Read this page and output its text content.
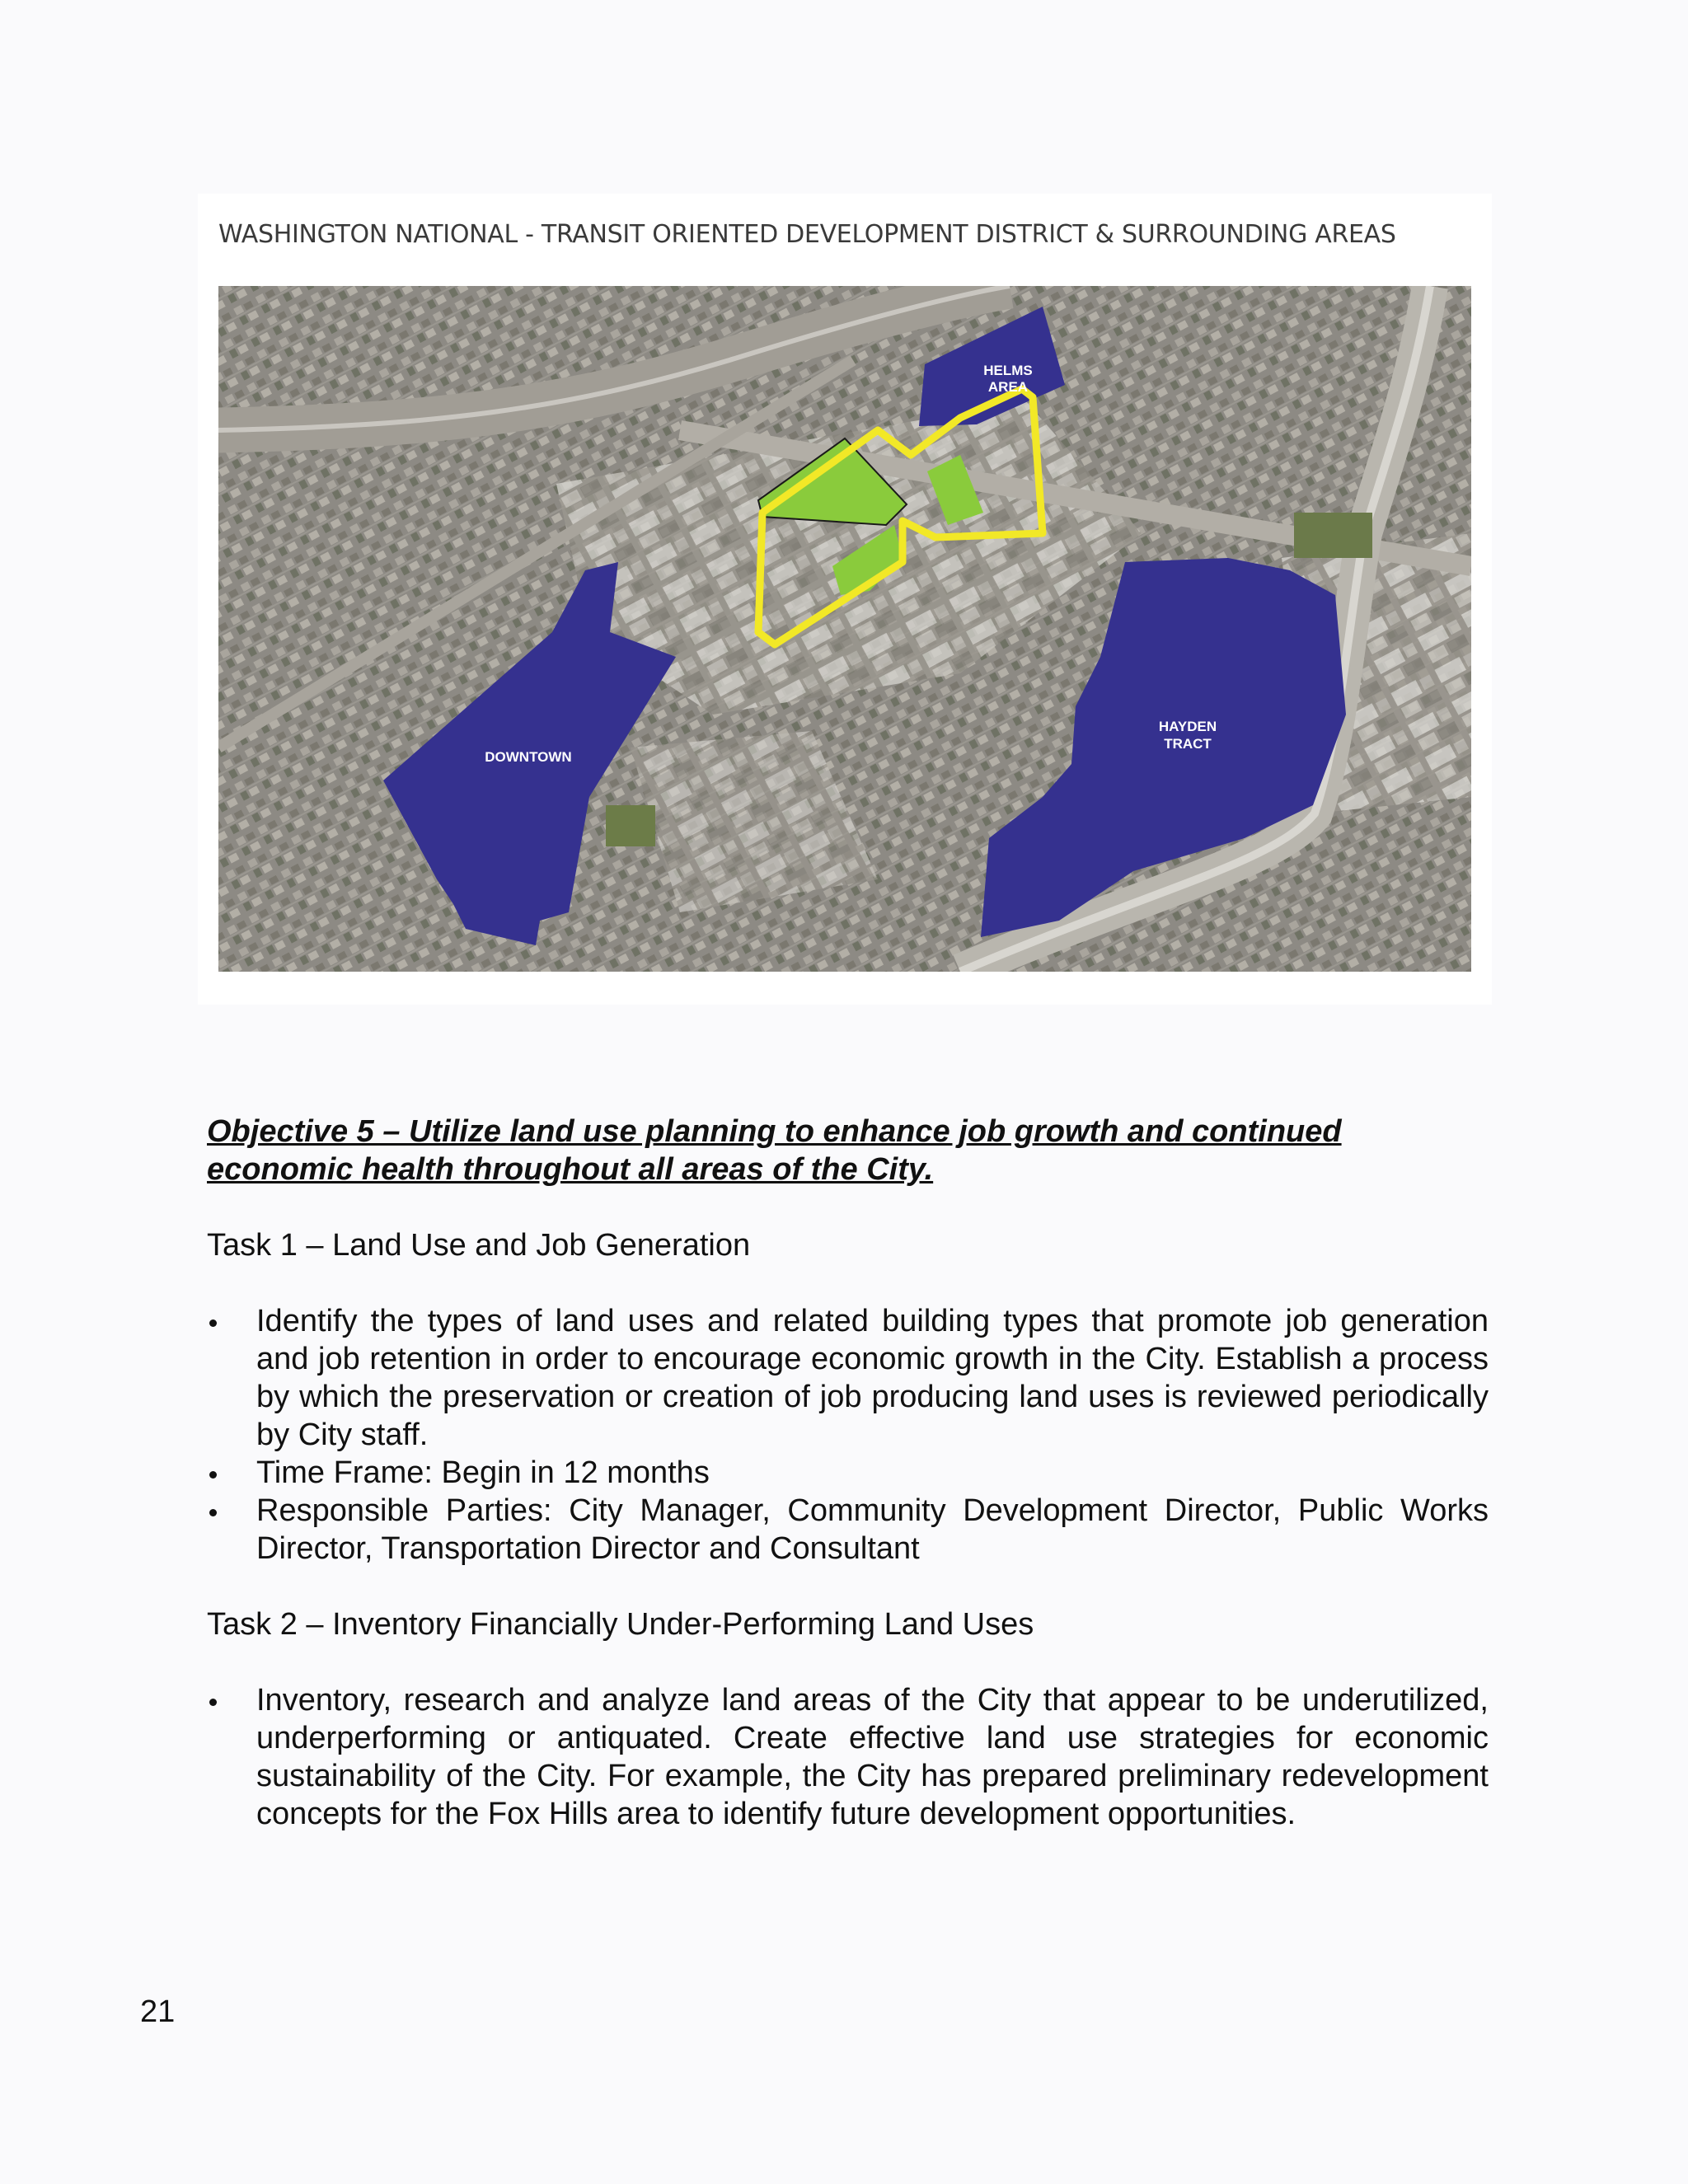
WASHINGTON NATIONAL - TRANSIT ORIENTED DEVELOPMENT DISTRICT & SURROUNDING AREAS
HELMS
AREA
DOWNTOWN
HAYDEN
TRACT

Objective 5 – Utilize land use planning to enhance job growth and continued economic health throughout all areas of the City.

Task 1 – Land Use and Job Generation

Identify the types of land uses and related building types that promote job generation and job retention in order to encourage economic growth in the City. Establish a process by which the preservation or creation of job producing land uses is reviewed periodically by City staff.
Time Frame: Begin in 12 months
Responsible Parties: City Manager, Community Development Director, Public Works Director, Transportation Director and Consultant

Task 2 – Inventory Financially Under-Performing Land Uses

Inventory, research and analyze land areas of the City that appear to be underutilized, underperforming or antiquated. Create effective land use strategies for economic sustainability of the City. For example, the City has prepared preliminary redevelopment concepts for the Fox Hills area to identify future development opportunities.
21
